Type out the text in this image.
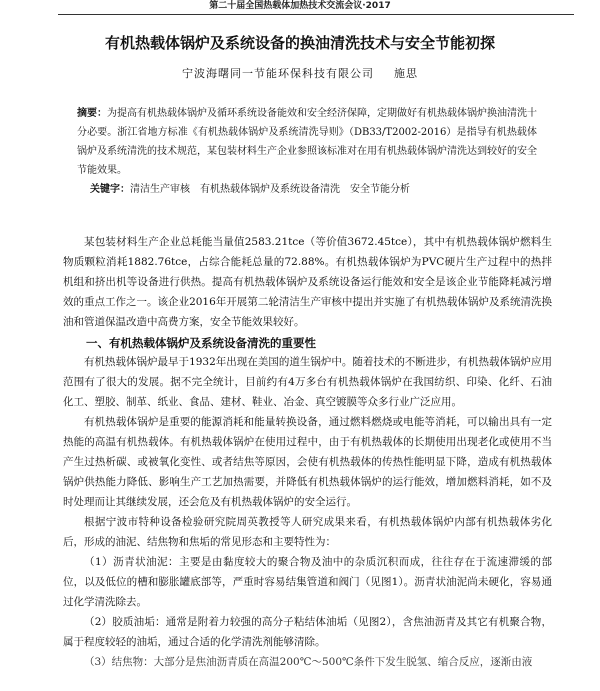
第二十届全国热载体加热技术交流会议·2017
有机热载体锅炉及系统设备的换油清洗技术与安全节能初探
宁波海曙同一节能环保科技有限公司 施思

摘要：为提高有机热载体锅炉及循环系统设备能效和安全经济保障，定期做好有机热载体锅炉换油清洗十分必要。浙江省地方标准《有机热载体锅炉及系统清洗导则》（DB33/T2002-2016）是指导有机热载体锅炉及系统清洗的技术规范，某包装材料生产企业参照该标准对在用有机热载体锅炉清洗达到较好的安全节能效果。

关键字：清洁生产审核　有机热载体锅炉及系统设备清洗　安全节能分析

某包装材料生产企业总耗能当量值2583.21tce（等价值3672.45tce），其中有机热载体锅炉燃料生物质颗粒消耗1882.76tce，占综合能耗总量的72.88%。有机热载体锅炉为PVC硬片生产过程中的热拌机组和挤出机等设备进行供热。提高有机热载体锅炉及系统设备运行能效和安全是该企业节能降耗减污增效的重点工作之一。该企业2016年开展第二轮清洁生产审核中提出并实施了有机热载体锅炉及系统清洗换油和管道保温改造中高费方案，安全节能效果较好。

一、有机热载体锅炉及系统设备清洗的重要性

有机热载体锅炉最早于1932年出现在美国的道生锅炉中。随着技术的不断进步，有机热载体锅炉应用范围有了很大的发展。据不完全统计，目前约有4万多台有机热载体锅炉在我国纺织、印染、化纤、石油化工、塑胶、制革、纸业、食品、建材、鞋业、冶金、真空镀膜等众多行业广泛应用。

有机热载体锅炉是重要的能源消耗和能量转换设备，通过燃料燃烧或电能等消耗，可以输出具有一定热能的高温有机热载体。有机热载体锅炉在使用过程中，由于有机热载体的长期使用出现老化或使用不当产生过热析碳、或被氧化变性、或者结焦等原因，会使有机热载体的传热性能明显下降，造成有机热载体锅炉供热能力降低、影响生产工艺加热需要，并降低有机热载体锅炉的运行能效，增加燃料消耗，如不及时处理而让其继续发展，还会危及有机热载体锅炉的安全运行。

根据宁波市特种设备检验研究院周英教授等人研究成果来看，有机热载体锅炉内部有机热载体劣化后，形成的油泥、结焦物和焦垢的常见形态和主要特性为：

（1）沥青状油泥：主要是由黏度较大的聚合物及油中的杂质沉积而成，往往存在于流速滞缓的部位，以及低位的槽和膨胀罐底部等，严重时容易结集管道和阀门（见图1）。沥青状油泥尚未硬化，容易通过化学清洗除去。

（2）胶质油垢：通常是附着力较强的高分子粘结体油垢（见图2），含焦油沥青及其它有机聚合物，属于程度较轻的油垢，通过合适的化学清洗剂能够清除。

（3）结焦物：大部分是焦油沥青质在高温200℃～500℃条件下发生脱氢、缩合反应，逐渐由液
